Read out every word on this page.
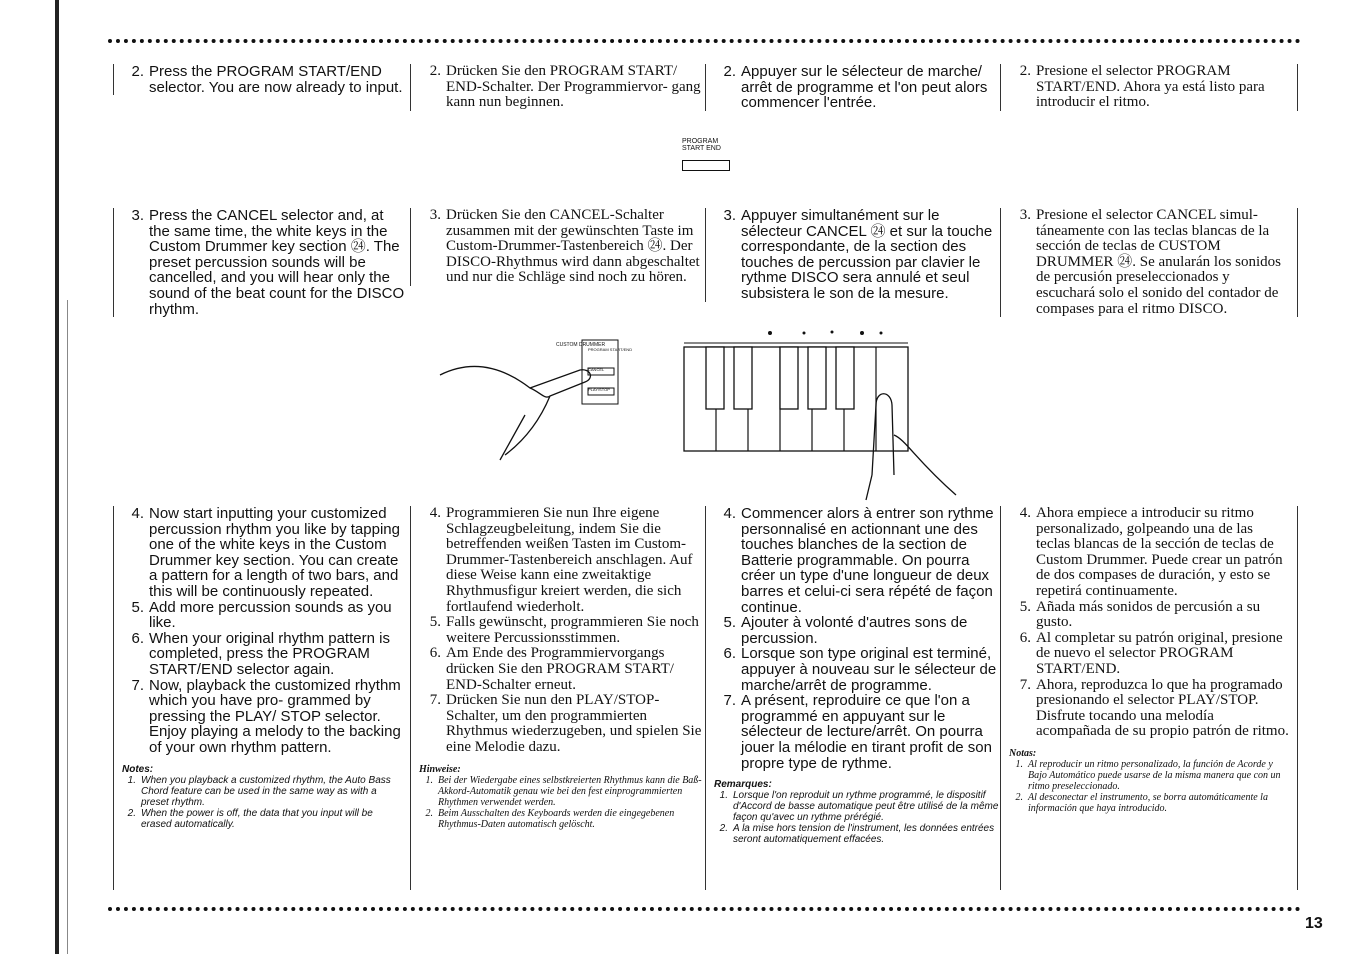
2. Press the PROGRAM START/END selector. You are now already to input.
2. Drücken Sie den PROGRAM START/ END-Schalter. Der Programmiervor- gang kann nun beginnen.
2. Appuyer sur le sélecteur de marche/ arrêt de programme et l'on peut alors commencer l'entrée.
2. Presione el selector PROGRAM START/END. Ahora ya está listo para introducir el ritmo.
PROGRAM
START END
3. Press the CANCEL selector and, at the same time, the white keys in the Custom Drummer key section ㉔. The preset percussion sounds will be cancelled, and you will hear only the sound of the beat count for the DISCO rhythm.
3. Drücken Sie den CANCEL-Schalter zusammen mit der gewünschten Taste im Custom-Drummer-Tastenbereich ㉔. Der DISCO-Rhythmus wird dann abgeschaltet und nur die Schläge sind noch zu hören.
3. Appuyer simultanément sur le sélecteur CANCEL ㉔ et sur la touche correspondante, de la section des touches de percussion par clavier le rythme DISCO sera annulé et seul subsistera le son de la mesure.
3. Presione el selector CANCEL simul- táneamente con las teclas blancas de la sección de teclas de CUSTOM DRUMMER ㉔. Se anularán los sonidos de percusión preseleccionados y escuchará solo el sonido del contador de compases para el ritmo DISCO.
CUSTOM DRUMMER
PROGRAM START/END
CANCEL
PLAY/STOP
4. Now start inputting your customized percussion rhythm you like by tapping one of the white keys in the Custom Drummer key section. You can create a pattern for a length of two bars, and this will be continuously repeated.
5. Add more percussion sounds as you like.
6. When your original rhythm pattern is completed, press the PROGRAM START/END selector again.
7. Now, playback the customized rhythm which you have pro- grammed by pressing the PLAY/ STOP selector. Enjoy playing a melody to the backing of your own rhythm pattern.
Notes:
1. When you playback a customized rhythm, the Auto Bass Chord feature can be used in the same way as with a preset rhythm.
2. When the power is off, the data that you input will be erased automatically.
4. Programmieren Sie nun Ihre eigene Schlagzeugbeleitung, indem Sie die betreffenden weißen Tasten im Custom-Drummer-Tastenbereich anschlagen. Auf diese Weise kann eine zweitaktige Rhythmusfigur kreiert werden, die sich fortlaufend wiederholt.
5. Falls gewünscht, programmieren Sie noch weitere Percussionsstimmen.
6. Am Ende des Programmiervorgangs drücken Sie den PROGRAM START/ END-Schalter erneut.
7. Drücken Sie nun den PLAY/STOP- Schalter, um den programmierten Rhythmus wiederzugeben, und spielen Sie eine Melodie dazu.
Hinweise:
1. Bei der Wiedergabe eines selbstkreierten Rhythmus kann die Baß-Akkord-Automatik genau wie bei den fest einprogrammierten Rhythmen verwendet werden.
2. Beim Ausschalten des Keyboards werden die eingegebenen Rhythmus-Daten automatisch gelöscht.
4. Commencer alors à entrer son rythme personnalisé en actionnant une des touches blanches de la section de Batterie programmable. On pourra créer un type d'une longueur de deux barres et celui-ci sera répété de façon continue.
5. Ajouter à volonté d'autres sons de percussion.
6. Lorsque son type original est terminé, appuyer à nouveau sur le sélecteur de marche/arrêt de programme.
7. A présent, reproduire ce que l'on a programmé en appuyant sur le sélecteur de lecture/arrêt. On pourra jouer la mélodie en tirant profit de son propre type de rythme.
Remarques:
1. Lorsque l'on reproduit un rythme programmé, le dispositif d'Accord de basse automatique peut être utilisé de la même façon qu'avec un rythme prérégié.
2. A la mise hors tension de l'instrument, les données entrées seront automatiquement effacées.
4. Ahora empiece a introducir su ritmo personalizado, golpeando una de las teclas blancas de la sección de teclas de Custom Drummer. Puede crear un patrón de dos compases de duración, y esto se repetirá continuamente.
5. Añada más sonidos de percusión a su gusto.
6. Al completar su patrón original, presione de nuevo el selector PROGRAM START/END.
7. Ahora, reproduzca lo que ha programado presionando el selector PLAY/STOP. Disfrute tocando una melodía acompañada de su propio patrón de ritmo.
Notas:
1. Al reproducir un ritmo personalizado, la función de Acorde y Bajo Automático puede usarse de la misma manera que con un ritmo preseleccionado.
2. Al desconectar el instrumento, se borra automáticamente la información que haya introducido.
13
